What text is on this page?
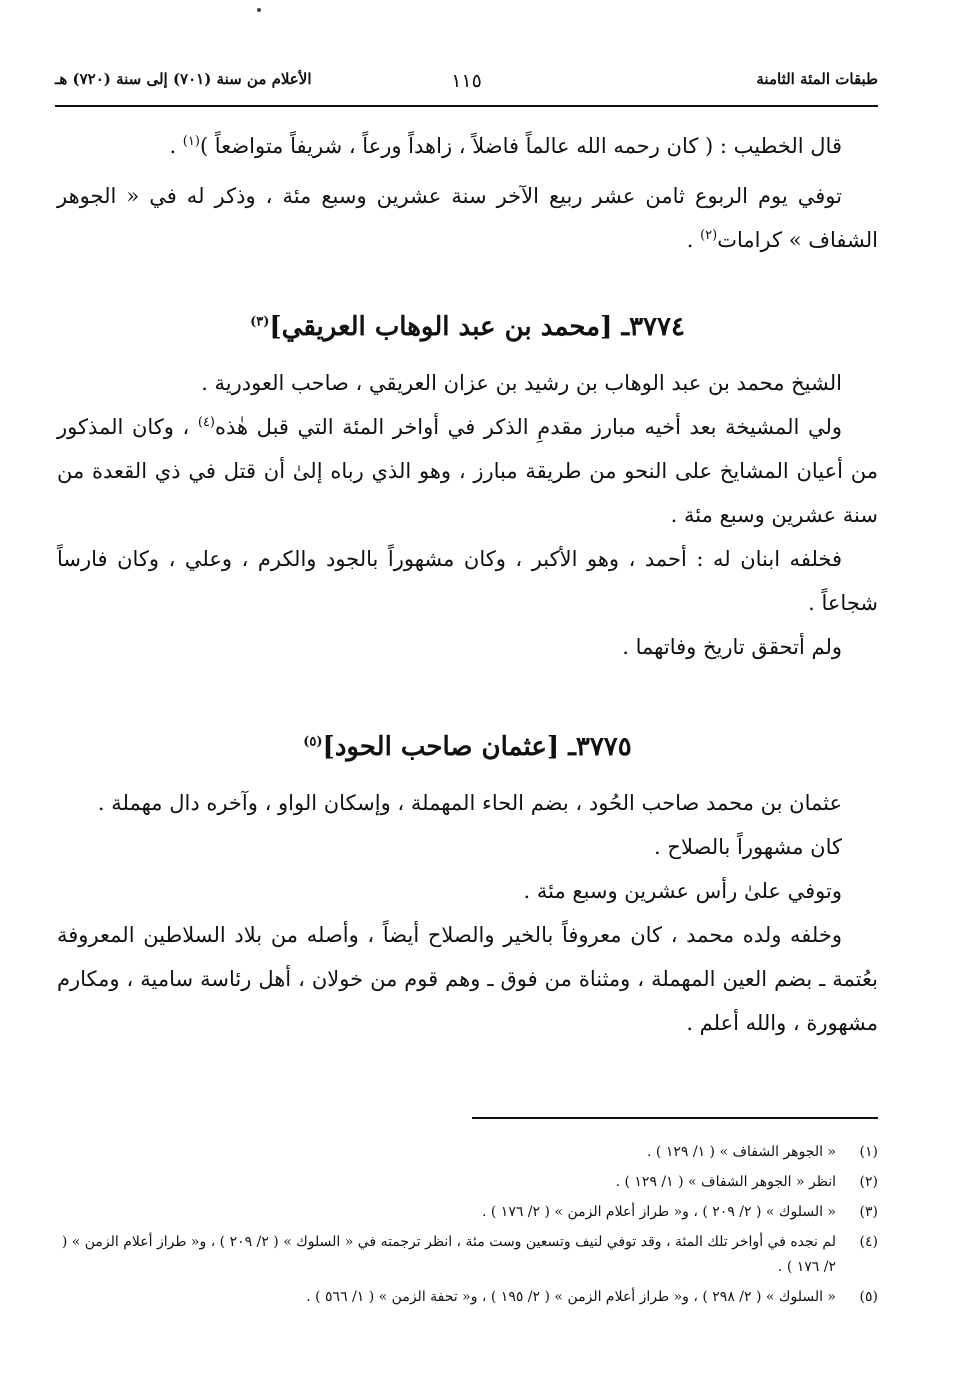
طبقات المئة الثامنة
١١٥
الأعلام من سنة (٧٠١) إلى سنة (٧٢٠) هـ

قال الخطيب : ( كان رحمه الله عالماً فاضلاً ، زاهداً ورعاً ، شريفاً متواضعاً )$^{(١)}$ .

توفي يوم الربوع ثامن عشر ربيع الآخر سنة عشرين وسبع مئة ، وذكر له في « الجوهر الشفاف » كرامات$^{(٢)}$ .

٣٧٧٤ـ [محمد بن عبد الوهاب العريقي]$^{(٣)}$

الشيخ محمد بن عبد الوهاب بن رشيد بن عزان العريقي ، صاحب العودرية .

ولي المشيخة بعد أخيه مبارز مقدمِ الذكر في أواخر المئة التي قبل هٰذه$^{(٤)}$ ، وكان المذكور من أعيان المشايخ على النحو من طريقة مبارز ، وهو الذي رباه إلىٰ أن قتل في ذي القعدة من سنة عشرين وسبع مئة .

فخلفه ابنان له : أحمد ، وهو الأكبر ، وكان مشهوراً بالجود والكرم ، وعلي ، وكان فارساً شجاعاً .

ولم أتحقق تاريخ وفاتهما .

٣٧٧٥ـ [عثمان صاحب الحود]$^{(٥)}$

عثمان بن محمد صاحب الحُود ، بضم الحاء المهملة ، وإسكان الواو ، وآخره دال مهملة .

كان مشهوراً بالصلاح .

وتوفي علىٰ رأس عشرين وسبع مئة .

وخلفه ولده محمد ، كان معروفاً بالخير والصلاح أيضاً ، وأصله من بلاد السلاطين المعروفة بعُتمة ـ بضم العين المهملة ، ومثناة من فوق ـ وهم قوم من خولان ، أهل رئاسة سامية ، ومكارم مشهورة ، والله أعلم .

(١)
« الجوهر الشفاف » ( ١/ ١٢٩ ) .
(٢)
انظر « الجوهر الشفاف » ( ١/ ١٢٩ ) .
(٣)
« السلوك » ( ٢/ ٢٠٩ ) ، و« طراز أعلام الزمن » ( ٢/ ١٧٦ ) .
(٤)
لم نجده في أواخر تلك المئة ، وقد توفي لنيف وتسعين وست مئة ، انظر ترجمته في « السلوك » ( ٢/ ٢٠٩ ) ، و« طراز أعلام الزمن » ( ٢/ ١٧٦ ) .
(٥)
« السلوك » ( ٢/ ٢٩٨ ) ، و« طراز أعلام الزمن » ( ٢/ ١٩٥ ) ، و« تحفة الزمن » ( ١/ ٥٦٦ ) .
